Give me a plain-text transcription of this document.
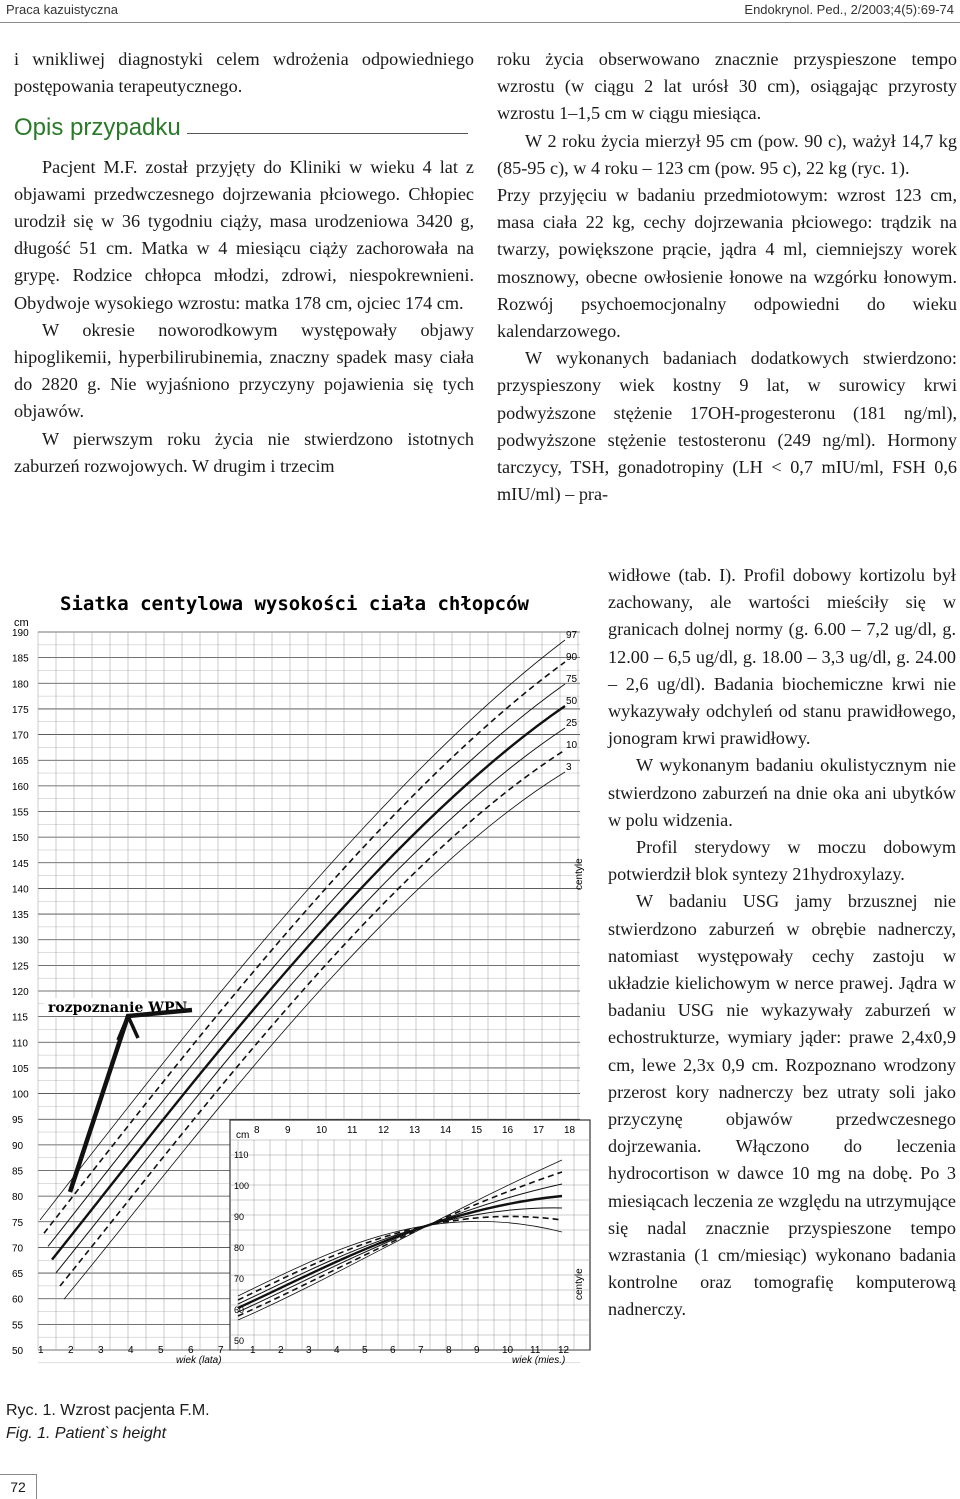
Praca kazuistyczna	Endokrynol. Ped., 2/2003;4(5):69-74

i wnikliwej diagnostyki celem wdrożenia odpowiedniego postępowania terapeutycznego.

Opis przypadku

Pacjent M.F. został przyjęty do Kliniki w wieku 4 lat z objawami przedwczesnego dojrzewania płciowego. Chłopiec urodził się w 36 tygodniu ciąży, masa urodzeniowa 3420 g, długość 51 cm. Matka w 4 miesiącu ciąży zachorowała na grypę. Rodzice chłopca młodzi, zdrowi, niespokrewnieni. Obydwoje wysokiego wzrostu: matka 178 cm, ojciec 174 cm.

W okresie noworodkowym występowały objawy hipoglikemii, hyperbilirubinemia, znaczny spadek masy ciała do 2820 g. Nie wyjaśniono przyczyny pojawienia się tych objawów.

W pierwszym roku życia nie stwierdzono istotnych zaburzeń rozwojowych. W drugim i trzecim

roku życia obserwowano znacznie przyspieszone tempo wzrostu (w ciągu 2 lat urósł 30 cm), osiągając przyrosty wzrostu 1–1,5 cm w ciągu miesiąca.

W 2 roku życia mierzył 95 cm (pow. 90 c), ważył 14,7 kg (85-95 c), w 4 roku – 123 cm (pow. 95 c), 22 kg (ryc. 1).

Przy przyjęciu w badaniu przedmiotowym: wzrost 123 cm, masa ciała 22 kg, cechy dojrzewania płciowego: trądzik na twarzy, powiększone prącie, jądra 4 ml, ciemniejszy worek mosznowy, obecne owłosienie łonowe na wzgórku łonowym. Rozwój psychoemocjonalny odpowiedni do wieku kalendarzowego.

W wykonanych badaniach dodatkowych stwierdzono: przyspieszony wiek kostny 9 lat, w surowicy krwi podwyższone stężenie 17OH-progesteronu (181 ng/ml), podwyższone stężenie testosteronu (249 ng/ml). Hormony tarczycy, TSH, gonadotropiny (LH < 0,7 mIU/ml, FSH 0,6 mIU/ml) – pra-

widłowe (tab. I). Profil dobowy kortizolu był zachowany, ale wartości mieściły się w granicach dolnej normy (g. 6.00 – 7,2 ug/dl, g. 12.00 – 6,5 ug/dl, g. 18.00 – 3,3 ug/dl, g. 24.00 – 2,6 ug/dl). Badania biochemiczne krwi nie wykazywały odchyleń od stanu prawidłowego, jonogram krwi prawidłowy.

W wykonanym badaniu okulistycznym nie stwierdzono zaburzeń na dnie oka ani ubytków w polu widzenia.

Profil sterydowy w moczu dobowym potwierdził blok syntezy 21hydroxylazy.

W badaniu USG jamy brzusznej nie stwierdzono zaburzeń w obrębie nadnerczy, natomiast występowały cechy zastoju w układzie kielichowym w nerce prawej. Jądra w badaniu USG nie wykazywały zaburzeń w echostrukturze, wymiary jąder: prawe 2,4x0,9 cm, lewe 2,3x 0,9 cm. Rozpoznano wrodzony przerost kory nadnerczy bez utraty soli jako przyczynę objawów przedwczesnego dojrzewania. Włączono do leczenia hydrocortison w dawce 10 mg na dobę. Po 3 miesiącach leczenia ze względu na utrzymujące się nadal znacznie przyspieszone tempo wzrastania (1 cm/miesiąc) wykonano badania kontrolne oraz tomografię komputerową nadnerczy.

Siatka centylowa wysokości ciała chłopców
cm
190
185
180
175
170
165
160
155
150
145
140
135
130
125
120
115
110
105
100
95
90
85
80
75
70
65
60
55
50
97
90
75
50
25
10
3
8	9	10 11 12 13 14 15 16 17 18
110
100
90
80
70
60
50
1 2 3 4 5 6 7	1 2 3 4 5 6 7 8 9 10 11 12
wiek (lata)	wiek (mies.)
centyle
centyle
cm
rozpoznanie WPN
Ryc. 1. Wzrost pacjenta F.M.
Fig. 1. Patient`s height
72
